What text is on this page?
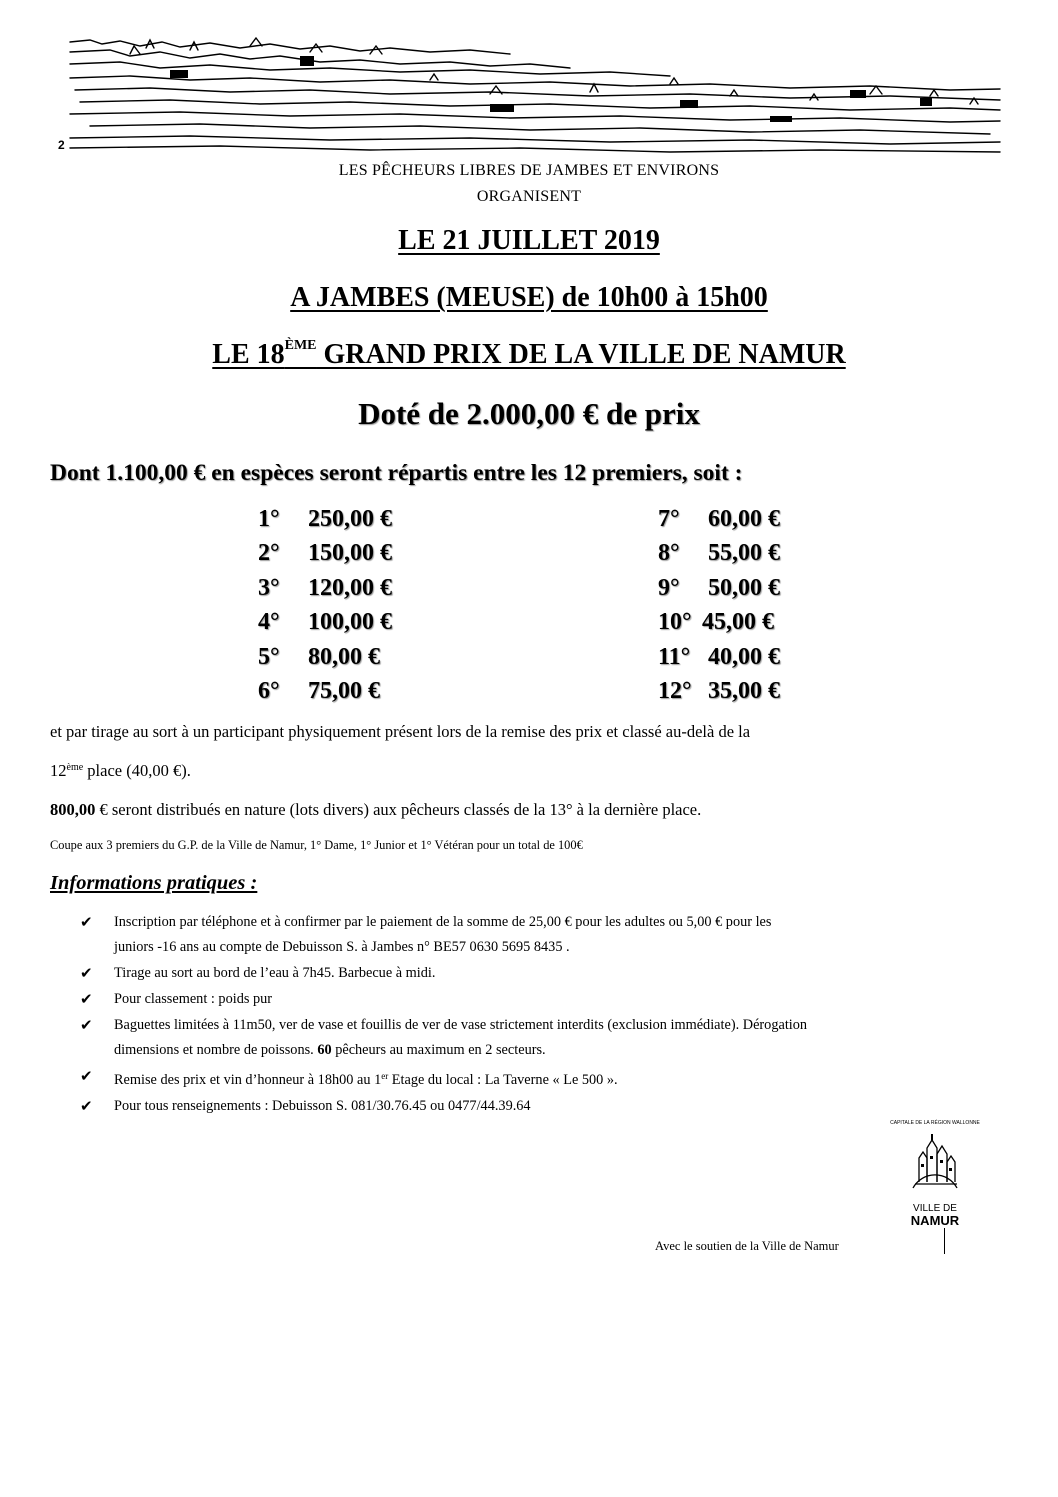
2
LES PÊCHEURS LIBRES DE JAMBES ET ENVIRONS
ORGANISENT
LE 21 JUILLET 2019
A JAMBES (MEUSE) de 10h00 à 15h00
LE 18ÈME GRAND PRIX DE LA VILLE DE NAMUR
Doté de 2.000,00 € de prix
Dont 1.100,00 € en espèces seront répartis entre les 12 premiers, soit :
1° 250,00 €
2° 150,00 €
3° 120,00 €
4° 100,00 €
5° 80,00 €
6° 75,00 €
7° 60,00 €
8° 55,00 €
9° 50,00 €
10° 45,00 €
11° 40,00 €
12° 35,00 €
et par tirage au sort à un participant physiquement présent lors de la remise des prix et classé au-delà de la
12ème place (40,00 €).
800,00 € seront distribués en nature (lots divers) aux pêcheurs classés de la 13° à la dernière place.
Coupe aux 3 premiers du G.P. de la Ville de Namur, 1° Dame, 1° Junior et 1° Vétéran pour un total de 100€
Informations pratiques :
✔ Inscription par téléphone et à confirmer par le paiement de la somme de 25,00 € pour les adultes ou 5,00 € pour les
juniors -16 ans au compte de Debuisson S. à Jambes n° BE57 0630 5695 8435 .
✔ Tirage au sort au bord de l’eau à 7h45. Barbecue à midi.
✔ Pour classement : poids pur
✔ Baguettes limitées à 11m50, ver de vase et fouillis de ver de vase strictement interdits (exclusion immédiate). Dérogation
dimensions et nombre de poissons. 60 pêcheurs au maximum en 2 secteurs.
✔ Remise des prix et vin d’honneur à 18h00 au 1er Etage du local : La Taverne « Le 500 ».
✔ Pour tous renseignements : Debuisson S. 081/30.76.45 ou 0477/44.39.64
VILLE DE
NAMUR
CAPITALE DE LA RÉGION WALLONNE
Avec le soutien de la Ville de Namur
